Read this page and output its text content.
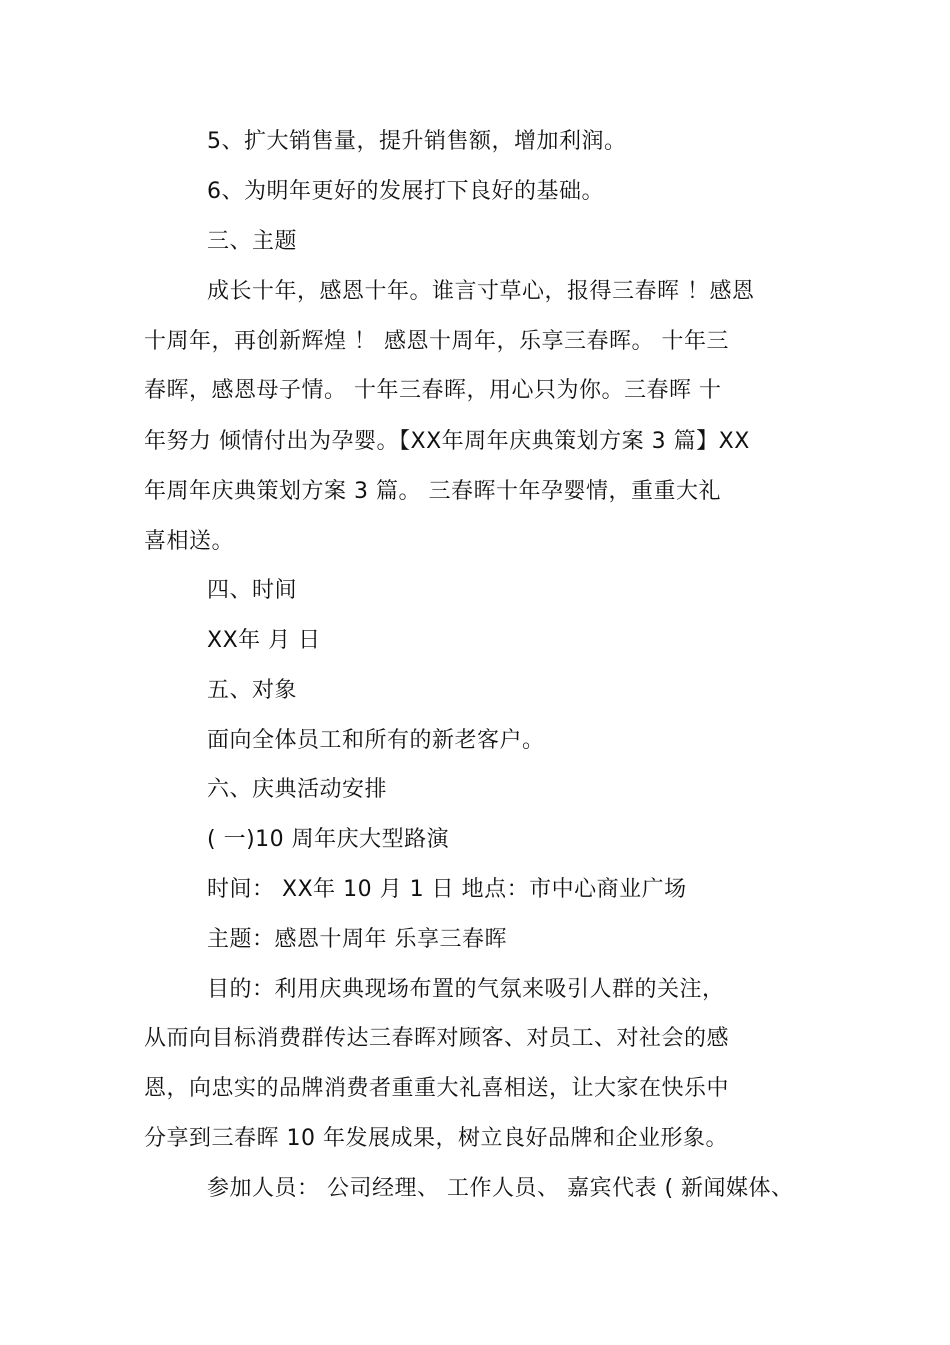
5、扩大销售量，提升销售额，增加利润。
6、为明年更好的发展打下良好的基础。
三、主题
成长十年，感恩十年。谁言寸草心，报得三春晖 ！感恩
十周年，再创新辉煌 ！ 感恩十周年，乐享三春晖。 十年三
春晖，感恩母子情。 十年三春晖，用心只为你。三春晖 十
年努力 倾情付出为孕婴。【XX年周年庆典策划方案 3 篇】XX
年周年庆典策划方案 3 篇。 三春晖十年孕婴情，重重大礼
喜相送。
四、时间
XX年 月 日
五、对象
面向全体员工和所有的新老客户。
六、庆典活动安排
( 一)10 周年庆大型路演
时间： XX年 10 月 1 日 地点：市中心商业广场
主题：感恩十周年 乐享三春晖
目的：利用庆典现场布置的气氛来吸引人群的关注，
从而向目标消费群传达三春晖对顾客、对员工、对社会的感
恩，向忠实的品牌消费者重重大礼喜相送，让大家在快乐中
分享到三春晖 10 年发展成果，树立良好品牌和企业形象。
参加人员： 公司经理、 工作人员、 嘉宾代表 ( 新闻媒体、
